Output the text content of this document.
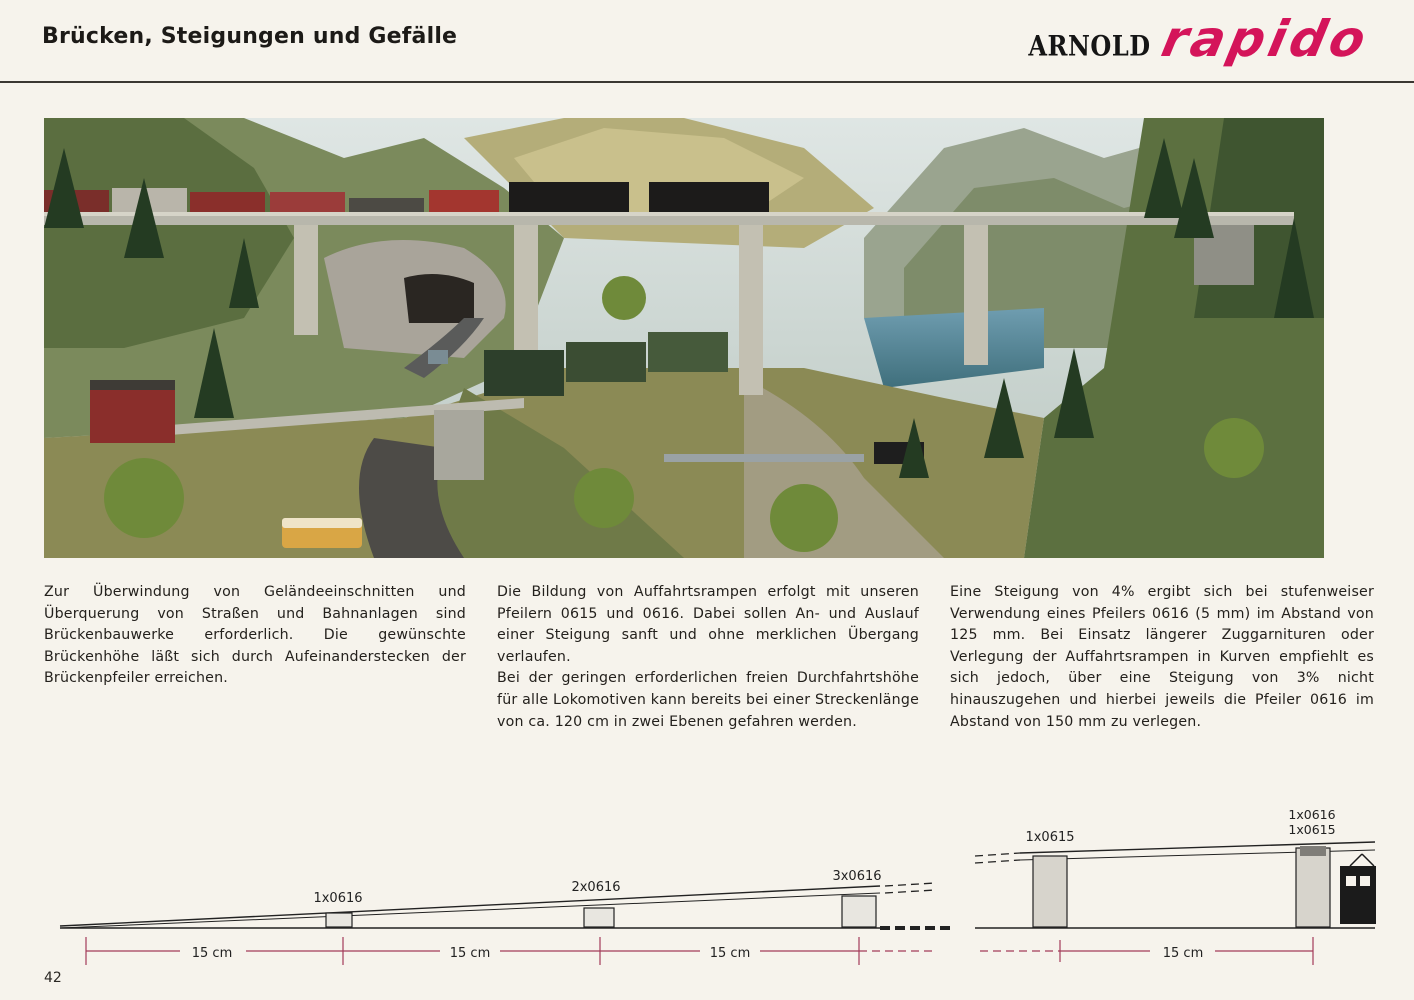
Brücken, Steigungen und Gefälle	ARNOLD rapido

Zur Überwindung von Geländeeinschnitten und Überquerung von Straßen und Bahnanlagen sind Brückenbauwerke erforderlich. Die gewünschte Brückenhöhe läßt sich durch Aufeinanderstecken der Brückenpfeiler erreichen.

Die Bildung von Auffahrtsrampen erfolgt mit unseren Pfeilern 0615 und 0616. Dabei sollen An- und Auslauf einer Steigung sanft und ohne merklichen Übergang verlaufen.

Bei der geringen erforderlichen freien Durchfahrtshöhe für alle Lokomotiven kann bereits bei einer Streckenlänge von ca. 120 cm in zwei Ebenen gefahren werden.

Eine Steigung von 4% ergibt sich bei stufenweiser Verwendung eines Pfeilers 0616 (5 mm) im Abstand von 125 mm. Bei Einsatz längerer Zuggarnituren oder Verlegung der Auffahrtsrampen in Kurven empfiehlt es sich jedoch, über eine Steigung von 3% nicht hinauszugehen und hierbei jeweils die Pfeiler 0616 im Abstand von 150 mm zu verlegen.

15 cm	15 cm	15 cm	15 cm
1x0616
2x0616
3x0616
1x0615
1x0616
1x0615
42
